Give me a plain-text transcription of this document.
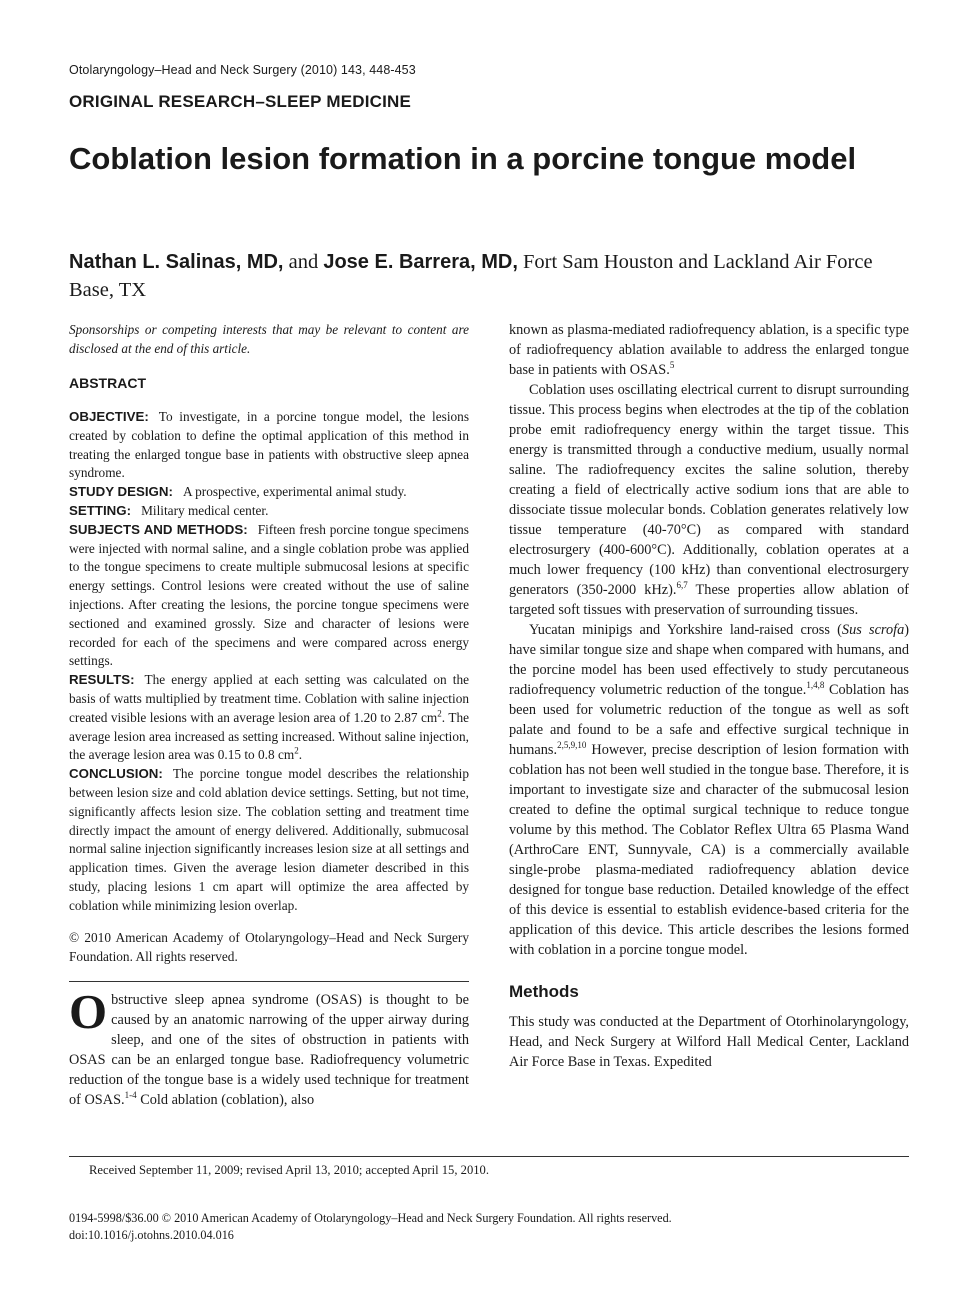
Otolaryngology–Head and Neck Surgery (2010) 143, 448-453
ORIGINAL RESEARCH–SLEEP MEDICINE
Coblation lesion formation in a porcine tongue model
Nathan L. Salinas, MD, and Jose E. Barrera, MD, Fort Sam Houston and Lackland Air Force Base, TX

Sponsorships or competing interests that may be relevant to content are disclosed at the end of this article.

ABSTRACT

OBJECTIVE: To investigate, in a porcine tongue model, the lesions created by coblation to define the optimal application of this method in treating the enlarged tongue base in patients with obstructive sleep apnea syndrome.

STUDY DESIGN: A prospective, experimental animal study.

SETTING: Military medical center.

SUBJECTS AND METHODS: Fifteen fresh porcine tongue specimens were injected with normal saline, and a single coblation probe was applied to the tongue specimens to create multiple submucosal lesions at specific energy settings. Control lesions were created without the use of saline injections. After creating the lesions, the porcine tongue specimens were sectioned and examined grossly. Size and character of lesions were recorded for each of the specimens and were compared across energy settings.

RESULTS: The energy applied at each setting was calculated on the basis of watts multiplied by treatment time. Coblation with saline injection created visible lesions with an average lesion area of 1.20 to 2.87 $cm^2$. The average lesion area increased as setting increased. Without saline injection, the average lesion area was 0.15 to 0.8 $cm^2$.

CONCLUSION: The porcine tongue model describes the relationship between lesion size and cold ablation device settings. Setting, but not time, significantly affects lesion size. The coblation setting and treatment time directly impact the amount of energy delivered. Additionally, submucosal normal saline injection significantly increases lesion size at all settings and application times. Given the average lesion diameter described in this study, placing lesions 1 cm apart will optimize the area affected by coblation while minimizing lesion overlap.

© 2010 American Academy of Otolaryngology–Head and Neck Surgery Foundation. All rights reserved.

Obstructive sleep apnea syndrome (OSAS) is thought to be caused by an anatomic narrowing of the upper airway during sleep, and one of the sites of obstruction in patients with OSAS can be an enlarged tongue base. Radiofrequency volumetric reduction of the tongue base is a widely used technique for treatment of OSAS.$^{1-4}$ Cold ablation (coblation), also

known as plasma-mediated radiofrequency ablation, is a specific type of radiofrequency ablation available to address the enlarged tongue base in patients with OSAS.$^5$

Coblation uses oscillating electrical current to disrupt surrounding tissue. This process begins when electrodes at the tip of the coblation probe emit radiofrequency energy within the target tissue. This energy is transmitted through a conductive medium, usually normal saline. The radiofrequency excites the saline solution, thereby creating a field of electrically active sodium ions that are able to dissociate tissue molecular bonds. Coblation generates relatively low tissue temperature (40-70°C) as compared with standard electrosurgery (400-600°C). Additionally, coblation operates at a much lower frequency (100 kHz) than conventional electrosurgery generators (350-2000 kHz).$^{6,7}$ These properties allow ablation of targeted soft tissues with preservation of surrounding tissues.

Yucatan minipigs and Yorkshire land-raised cross (Sus scrofa) have similar tongue size and shape when compared with humans, and the porcine model has been used effectively to study percutaneous radiofrequency volumetric reduction of the tongue.$^{1,4,8}$ Coblation has been used for volumetric reduction of the tongue as well as soft palate and found to be a safe and effective surgical technique in humans.$^{2,5,9,10}$ However, precise description of lesion formation with coblation has not been well studied in the tongue base. Therefore, it is important to investigate size and character of the submucosal lesion created to define the optimal surgical technique to reduce tongue volume by this method. The Coblator Reflex Ultra 65 Plasma Wand (ArthroCare ENT, Sunnyvale, CA) is a commercially available single-probe plasma-mediated radiofrequency ablation device designed for tongue base reduction. Detailed knowledge of the effect of this device is essential to establish evidence-based criteria for the application of this device. This article describes the lesions formed with coblation in a porcine tongue model.

Methods

This study was conducted at the Department of Otorhinolaryngology, Head, and Neck Surgery at Wilford Hall Medical Center, Lackland Air Force Base in Texas. Expedited

Received September 11, 2009; revised April 13, 2010; accepted April 15, 2010.
0194-5998/$36.00 © 2010 American Academy of Otolaryngology–Head and Neck Surgery Foundation. All rights reserved.
doi:10.1016/j.otohns.2010.04.016
